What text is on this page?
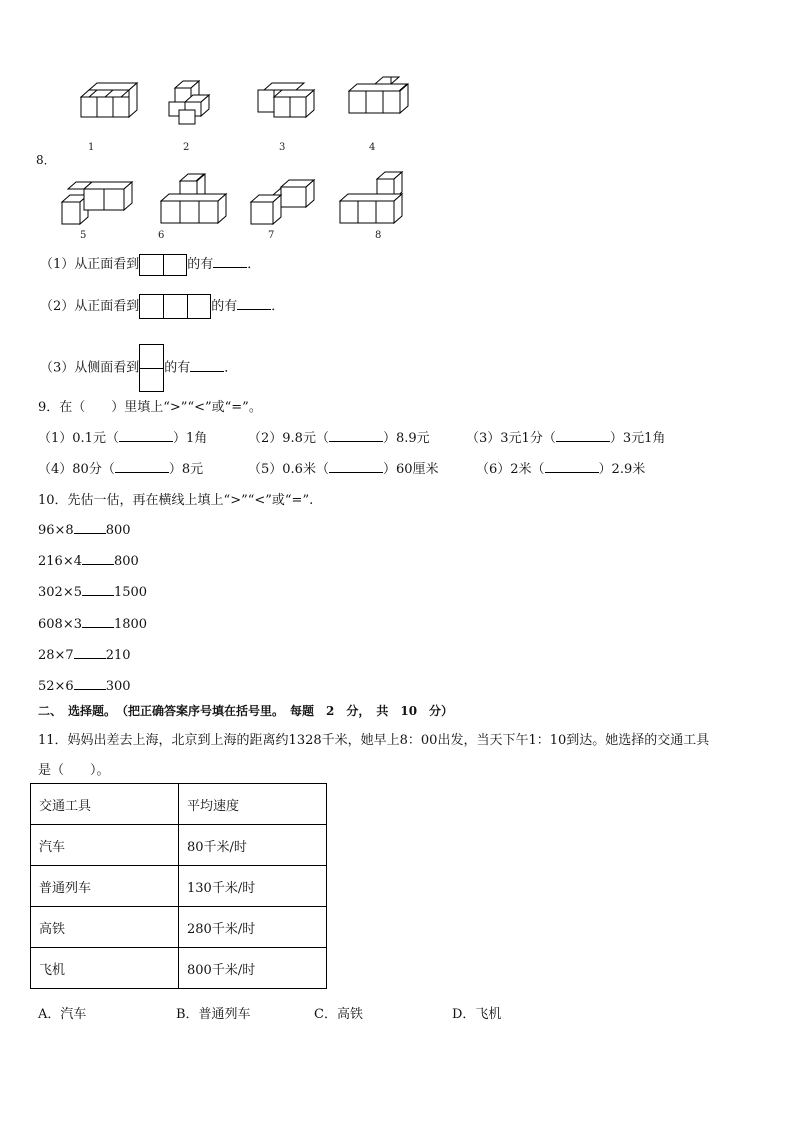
1	2	3	4
8．
5	6	7	8
（1）从正面看到	的有	．
（2）从正面看到	的有	．
（3）从侧面看到 的有	．
9．在（　　）里填上“>”“<”或“=”。
（1）0.1元（	）1角	（2）9.8元（	）8.9元	（3）3元1分（	）3元1角
（4）80分（	）8元	（5）0.6米（	）60厘米	（6）2米（	）2.9米
10．先估一估，再在横线上填上“>”“<”或“=”.
96×8 800
216×4 800
302×5 1500
608×3 1800
28×7 210
52×6 300
二、　选择题。　（把正确答案序号填在括号里。　每题　2　分，　共　10　分）
11．妈妈出差去上海，北京到上海的距离约1328千米，她早上8：00出发，当天下午1：10到达。她选择的交通工具
是（　　）。
交通工具	平均速度
汽车	80千米/时
普通列车	130千米/时
高铁	280千米/时
飞机	800千米/时
A．汽车	B．普通列车	C．高铁	D．飞机
